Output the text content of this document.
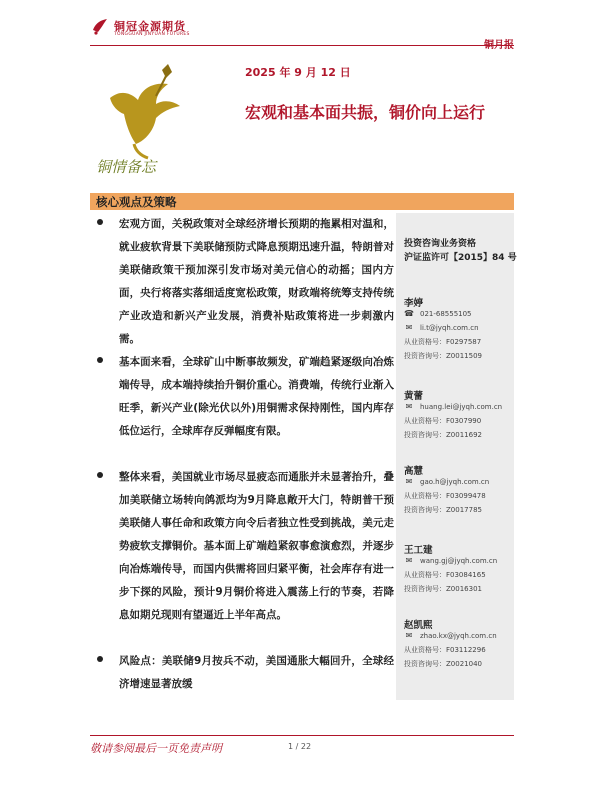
铜冠金源期货
TONGGUAN JINYUAN FUTURES
铜情备忘
2025 年 9 月 12 日
宏观和基本面共振，铜价向上运行
核心观点及策略
宏观方面，关税政策对全球经济增长预期的拖累相对温和，就业疲软背景下美联储预防式降息预期迅速升温，特朗普对美联储政策干预加深引发市场对美元信心的动摇；国内方面，央行将落实落细适度宽松政策，财政端将统筹支持传统产业改造和新兴产业发展，消费补贴政策将进一步刺激内需。
基本面来看，全球矿山中断事故频发，矿端趋紧逐级向冶炼端传导，成本端持续抬升铜价重心。消费端，传统行业渐入旺季，新兴产业(除光伏以外)用铜需求保持刚性，国内库存低位运行，全球库存反弹幅度有限。
整体来看，美国就业市场尽显疲态而通胀并未显著抬升，叠加美联储立场转向鸽派均为9月降息敞开大门，特朗普干预美联储人事任命和政策方向令后者独立性受到挑战，美元走势疲软支撑铜价。基本面上矿端趋紧叙事愈演愈烈，并逐步向冶炼端传导，而国内供需将回归紧平衡，社会库存有进一步下探的风险，预计9月铜价将进入震荡上行的节奏，若降息如期兑现则有望逼近上半年高点。
风险点：美联储9月按兵不动，美国通胀大幅回升，全球经济增速显著放缓
投资咨询业务资格
沪证监许可【2015】84 号
李婷
☎ 021-68555105
✉ li.t@jyqh.com.cn
从业资格号：F0297587
投资咨询号：Z0011509
黄蕾
✉ huang.lei@jyqh.com.cn
从业资格号：F0307990
投资咨询号：Z0011692
高慧
✉ gao.h@jyqh.com.cn
从业资格号：F03099478
投资咨询号：Z0017785
王工建
✉ wang.gj@jyqh.com.cn
从业资格号：F03084165
投资咨询号：Z0016301
赵凯熙
✉ zhao.kx@jyqh.com.cn
从业资格号：F03112296
投资咨询号：Z0021040
敬请参阅最后一页免责声明	1 / 22
